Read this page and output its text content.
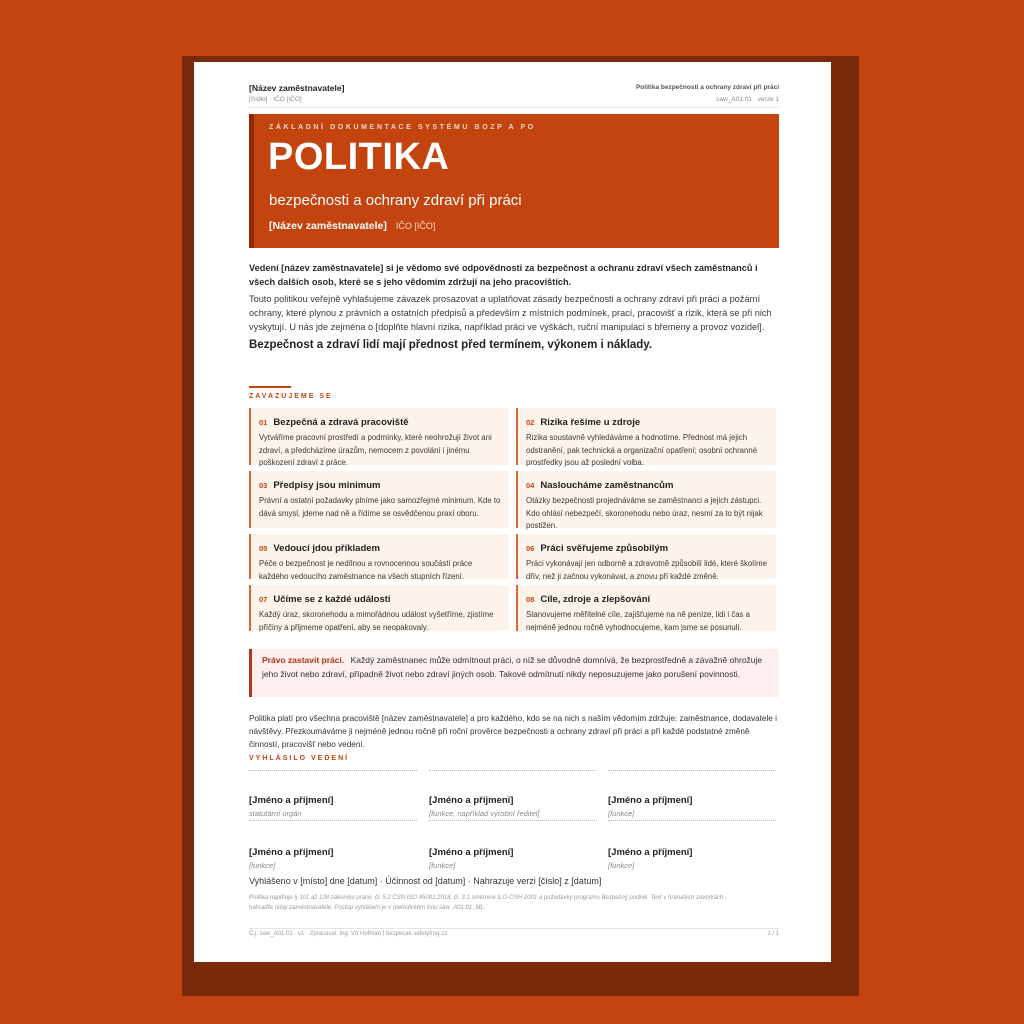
[Název zaměstnavatele]
[Sídlo] · IČO [IČO]
Politika bezpečnosti a ochrany zdraví při práci
saw_A01.01 · verze 1
ZÁKLADNÍ DOKUMENTACE SYSTÉMU BOZP A PO
POLITIKA
bezpečnosti a ochrany zdraví při práci
[Název zaměstnavatele] IČO [IČO]

Vedení [název zaměstnavatele] si je vědomo své odpovědnosti za bezpečnost a ochranu zdraví všech zaměstnanců i všech dalších osob, které se s jeho vědomím zdržují na jeho pracovištích.

Touto politikou veřejně vyhlašujeme závazek prosazovat a uplatňovat zásady bezpečnosti a ochrany zdraví při práci a požární ochrany, které plynou z právních a ostatních předpisů a především z místních podmínek, prací, pracovišť a rizik, která se při nich vyskytují. U nás jde zejména o [doplňte hlavní rizika, například práci ve výškách, ruční manipulaci s břemeny a provoz vozidel].

Bezpečnost a zdraví lidí mají přednost před termínem, výkonem i náklady.

ZAVAZUJEME SE
01 Bezpečná a zdravá pracoviště
Vytváříme pracovní prostředí a podmínky, které neohrožují život ani zdraví, a předcházíme úrazům, nemocem z povolání i jinému poškození zdraví z práce.
02 Rizika řešíme u zdroje
Rizika soustavně vyhledáváme a hodnotíme. Přednost má jejich odstranění, pak technická a organizační opatření; osobní ochranné prostředky jsou až poslední volba.
03 Předpisy jsou minimum
Právní a ostatní požadavky plníme jako samozřejmé minimum. Kde to dává smysl, jdeme nad ně a řídíme se osvědčenou praxí oboru.
04 Nasloucháme zaměstnancům
Otázky bezpečnosti projednáváme se zaměstnanci a jejich zástupci. Kdo ohlásí nebezpečí, skoronehodu nebo úraz, nesmí za to být nijak postižen.
05 Vedoucí jdou příkladem
Péče o bezpečnost je nedílnou a rovnocennou součástí práce každého vedoucího zaměstnance na všech stupních řízení.
06 Práci svěřujeme způsobilým
Práci vykonávají jen odborně a zdravotně způsobilí lidé, které školíme dřív, než ji začnou vykonávat, a znovu při každé změně.
07 Učíme se z každé události
Každý úraz, skoronehodu a mimořádnou událost vyšetříme, zjistíme příčiny a přijmeme opatření, aby se neopakovaly.
08 Cíle, zdroje a zlepšování
Stanovujeme měřitelné cíle, zajišťujeme na ně peníze, lidi i čas a nejméně jednou ročně vyhodnocujeme, kam jsme se posunuli.
Právo zastavit práci. Každý zaměstnanec může odmítnout práci, o níž se důvodně domnívá, že bezprostředně a závažně ohrožuje jeho život nebo zdraví, případně život nebo zdraví jiných osob. Takové odmítnutí nikdy neposuzujeme jako porušení povinnosti.
Politika platí pro všechna pracoviště [název zaměstnavatele] a pro každého, kdo se na nich s naším vědomím zdržuje: zaměstnance, dodavatele i návštěvy. Přezkoumáváme ji nejméně jednou ročně při roční prověrce bezpečnosti a ochrany zdraví při práci a při každé podstatné změně činností, pracovišť nebo vedení.
VYHLÁSILO VEDENÍ
[Jméno a příjmení]
statutární orgán
[Jméno a příjmení]
[funkce, například výrobní ředitel]
[Jméno a příjmení]
[funkce]
[Jméno a příjmení]
[funkce]
[Jméno a příjmení]
[funkce]
[Jméno a příjmení]
[funkce]
Vyhlášeno v [místo] dne [datum] · Účinnost od [datum] · Nahrazuje verzi [číslo] z [datum]
Politika naplňuje § 101 až 108 zákoníku práce, čl. 5.2 ČSN ISO 45001:2018, čl. 3.1 směrnice ILO-OSH 2001 a požadavky programu Bezpečný podnik. Text v hranatých závorkách nahraďte údaji zaměstnavatele. Postup vyhlášení je v metodickém listu saw_A01.01_ML.
Č.j. saw_A01.01 · v1 · Zpracoval: Ing. Vít Hofman | bezpecak.safetyfrog.cz	1 / 1
